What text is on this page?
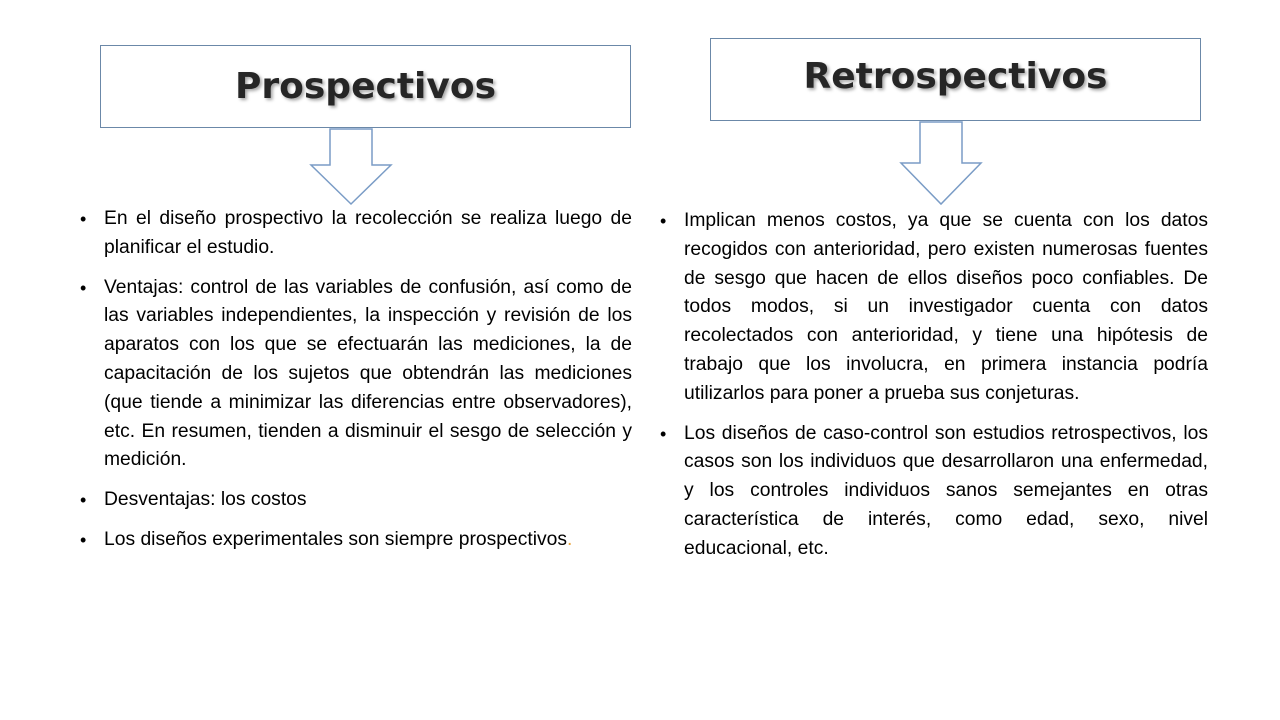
Prospectivos	Retrospectivos
• En el diseño prospectivo la recolección se realiza luego de planificar el estudio.
• Ventajas: control de las variables de confusión, así como de las variables independientes, la inspección y revisión de los aparatos con los que se efectuarán las mediciones, la de capacitación de los sujetos que obtendrán las mediciones (que tiende a minimizar las diferencias entre observadores), etc. En resumen, tienden a disminuir el sesgo de selección y medición.
• Desventajas: los costos
• Los diseños experimentales son siempre prospectivos.
• Implican menos costos, ya que se cuenta con los datos recogidos con anterioridad, pero existen numerosas fuentes de sesgo que hacen de ellos diseños poco confiables. De todos modos, si un investigador cuenta con datos recolectados con anterioridad, y tiene una hipótesis de trabajo que los involucra, en primera instancia podría utilizarlos para poner a prueba sus conjeturas.
• Los diseños de caso-control son estudios retrospectivos, los casos son los individuos que desarrollaron una enfermedad, y los controles individuos sanos semejantes en otras característica de interés, como edad, sexo, nivel educacional, etc.
